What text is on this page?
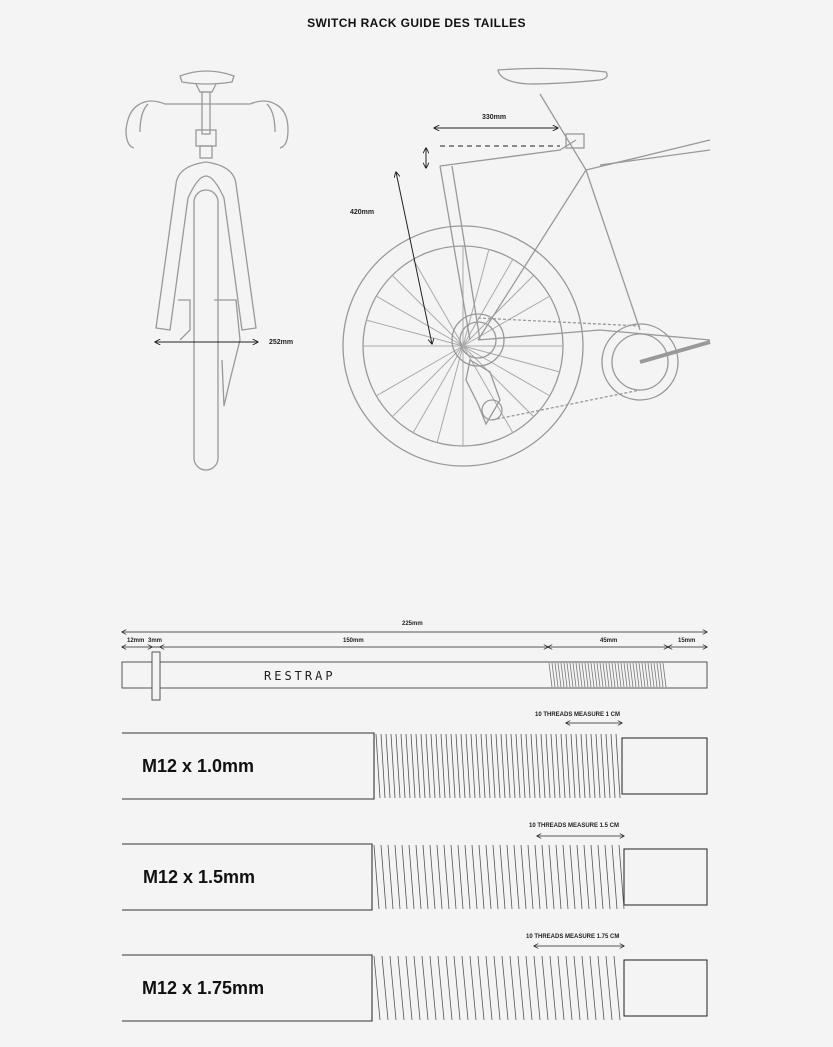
SWITCH RACK GUIDE DES TAILLES
252mm
330mm
420mm
225mm
12mm 3mm	150mm	45mm	15mm
RESTRAP
10 THREADS MEASURE 1 CM
M12 x 1.0mm
10 THREADS MEASURE 1.5 CM
M12 x 1.5mm
10 THREADS MEASURE 1.75 CM
M12 x 1.75mm
